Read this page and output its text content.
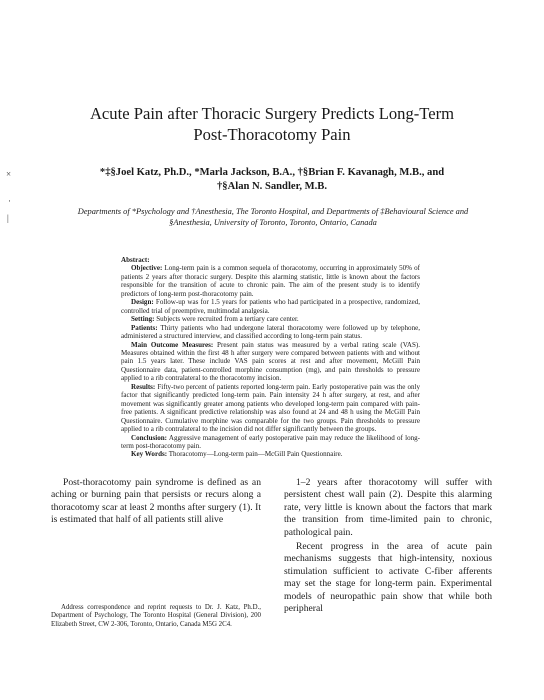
×
·
|
Acute Pain after Thoracic Surgery Predicts Long-Term
Post-Thoracotomy Pain
*‡§Joel Katz, Ph.D., *Marla Jackson, B.A., †§Brian F. Kavanagh, M.B., and
†§Alan N. Sandler, M.B.
Departments of *Psychology and †Anesthesia, The Toronto Hospital, and Departments of ‡Behavioural Science and
§Anesthesia, University of Toronto, Toronto, Ontario, Canada

Abstract:

Objective: Long-term pain is a common sequela of thoracotomy, occurring in approximately 50% of patients 2 years after thoracic surgery. Despite this alarming statistic, little is known about the factors responsible for the transition of acute to chronic pain. The aim of the present study is to identify predictors of long-term post-thoracotomy pain.

Design: Follow-up was for 1.5 years for patients who had participated in a prospective, randomized, controlled trial of preemptive, multimodal analgesia.

Setting: Subjects were recruited from a tertiary care center.

Patients: Thirty patients who had undergone lateral thoracotomy were followed up by telephone, administered a structured interview, and classified according to long-term pain status.

Main Outcome Measures: Present pain status was measured by a verbal rating scale (VAS). Measures obtained within the first 48 h after surgery were compared between patients with and without pain 1.5 years later. These include VAS pain scores at rest and after movement, McGill Pain Questionnaire data, patient-controlled morphine consumption (mg), and pain thresholds to pressure applied to a rib contralateral to the thoracotomy incision.

Results: Fifty-two percent of patients reported long-term pain. Early postoperative pain was the only factor that significantly predicted long-term pain. Pain intensity 24 h after surgery, at rest, and after movement was significantly greater among patients who developed long-term pain compared with pain-free patients. A significant predictive relationship was also found at 24 and 48 h using the McGill Pain Questionnaire. Cumulative morphine was comparable for the two groups. Pain thresholds to pressure applied to a rib contralateral to the incision did not differ significantly between the groups.

Conclusion: Aggressive management of early postoperative pain may reduce the likelihood of long-term post-thoracotomy pain.

Key Words: Thoracotomy—Long-term pain—McGill Pain Questionnaire.

Post-thoracotomy pain syndrome is defined as an aching or burning pain that persists or recurs along a thoracotomy scar at least 2 months after surgery (1). It is estimated that half of all patients still alive

1–2 years after thoracotomy will suffer with persistent chest wall pain (2). Despite this alarming rate, very little is known about the factors that mark the transition from time-limited pain to chronic, pathological pain.

Recent progress in the area of acute pain mechanisms suggests that high-intensity, noxious stimulation sufficient to activate C-fiber afferents may set the stage for long-term pain. Experimental models of neuropathic pain show that while both peripheral

Address correspondence and reprint requests to Dr. J. Katz, Ph.D., Department of Psychology, The Toronto Hospital (General Division), 200 Elizabeth Street, CW 2-306, Toronto, Ontario, Canada M5G 2C4.
